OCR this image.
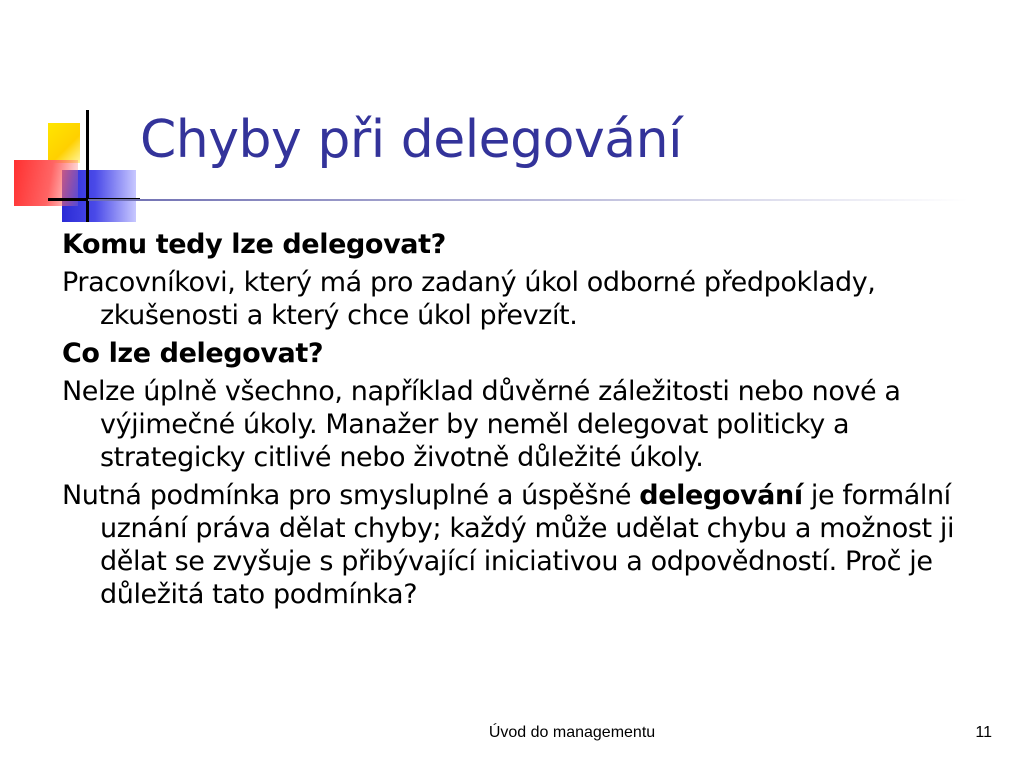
Chyby při delegování

Komu tedy lze delegovat?

Pracovníkovi, který má pro zadaný úkol odborné předpoklady, zkušenosti a který chce úkol převzít.

Co lze delegovat?

Nelze úplně všechno, například důvěrné záležitosti nebo nové a výjimečné úkoly. Manažer by neměl delegovat politicky a strategicky citlivé nebo životně důležité úkoly.

Nutná podmínka pro smysluplné a úspěšné delegování je formální uznání práva dělat chyby; každý může udělat chybu a možnost ji dělat se zvyšuje s přibývající iniciativou a odpovědností. Proč je důležitá tato podmínka?

Úvod do managementu	11
